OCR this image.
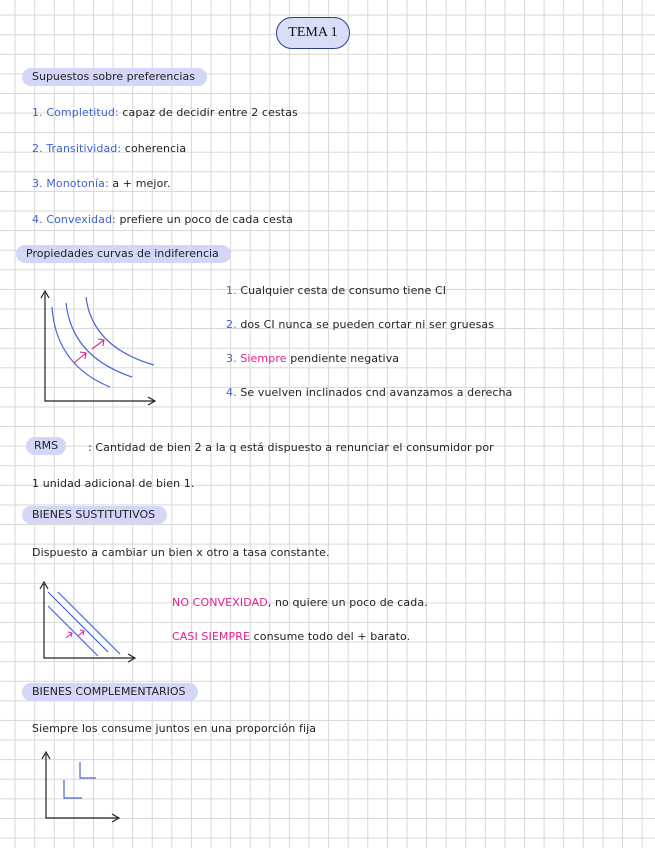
TEMA 1
Supuestos sobre preferencias
1. Completitud: capaz de decidir entre 2 cestas
2. Transitividad: coherencia
3. Monotonía: a + mejor.
4. Convexidad: prefiere un poco de cada cesta
Propiedades curvas de indiferencia
1. Cualquier cesta de consumo tiene CI
2. dos CI nunca se pueden cortar ni ser gruesas
3. Siempre pendiente negativa
4. Se vuelven inclinados cnd avanzamos a derecha
RMS	: Cantidad de bien 2 a la q está dispuesto a renunciar el consumidor por
1 unidad adicional de bien 1.
BIENES SUSTITUTIVOS
Dispuesto a cambiar un bien x otro a tasa constante.
NO CONVEXIDAD, no quiere un poco de cada.
CASI SIEMPRE consume todo del + barato.
BIENES COMPLEMENTARIOS
Siempre los consume juntos en una proporción fija
